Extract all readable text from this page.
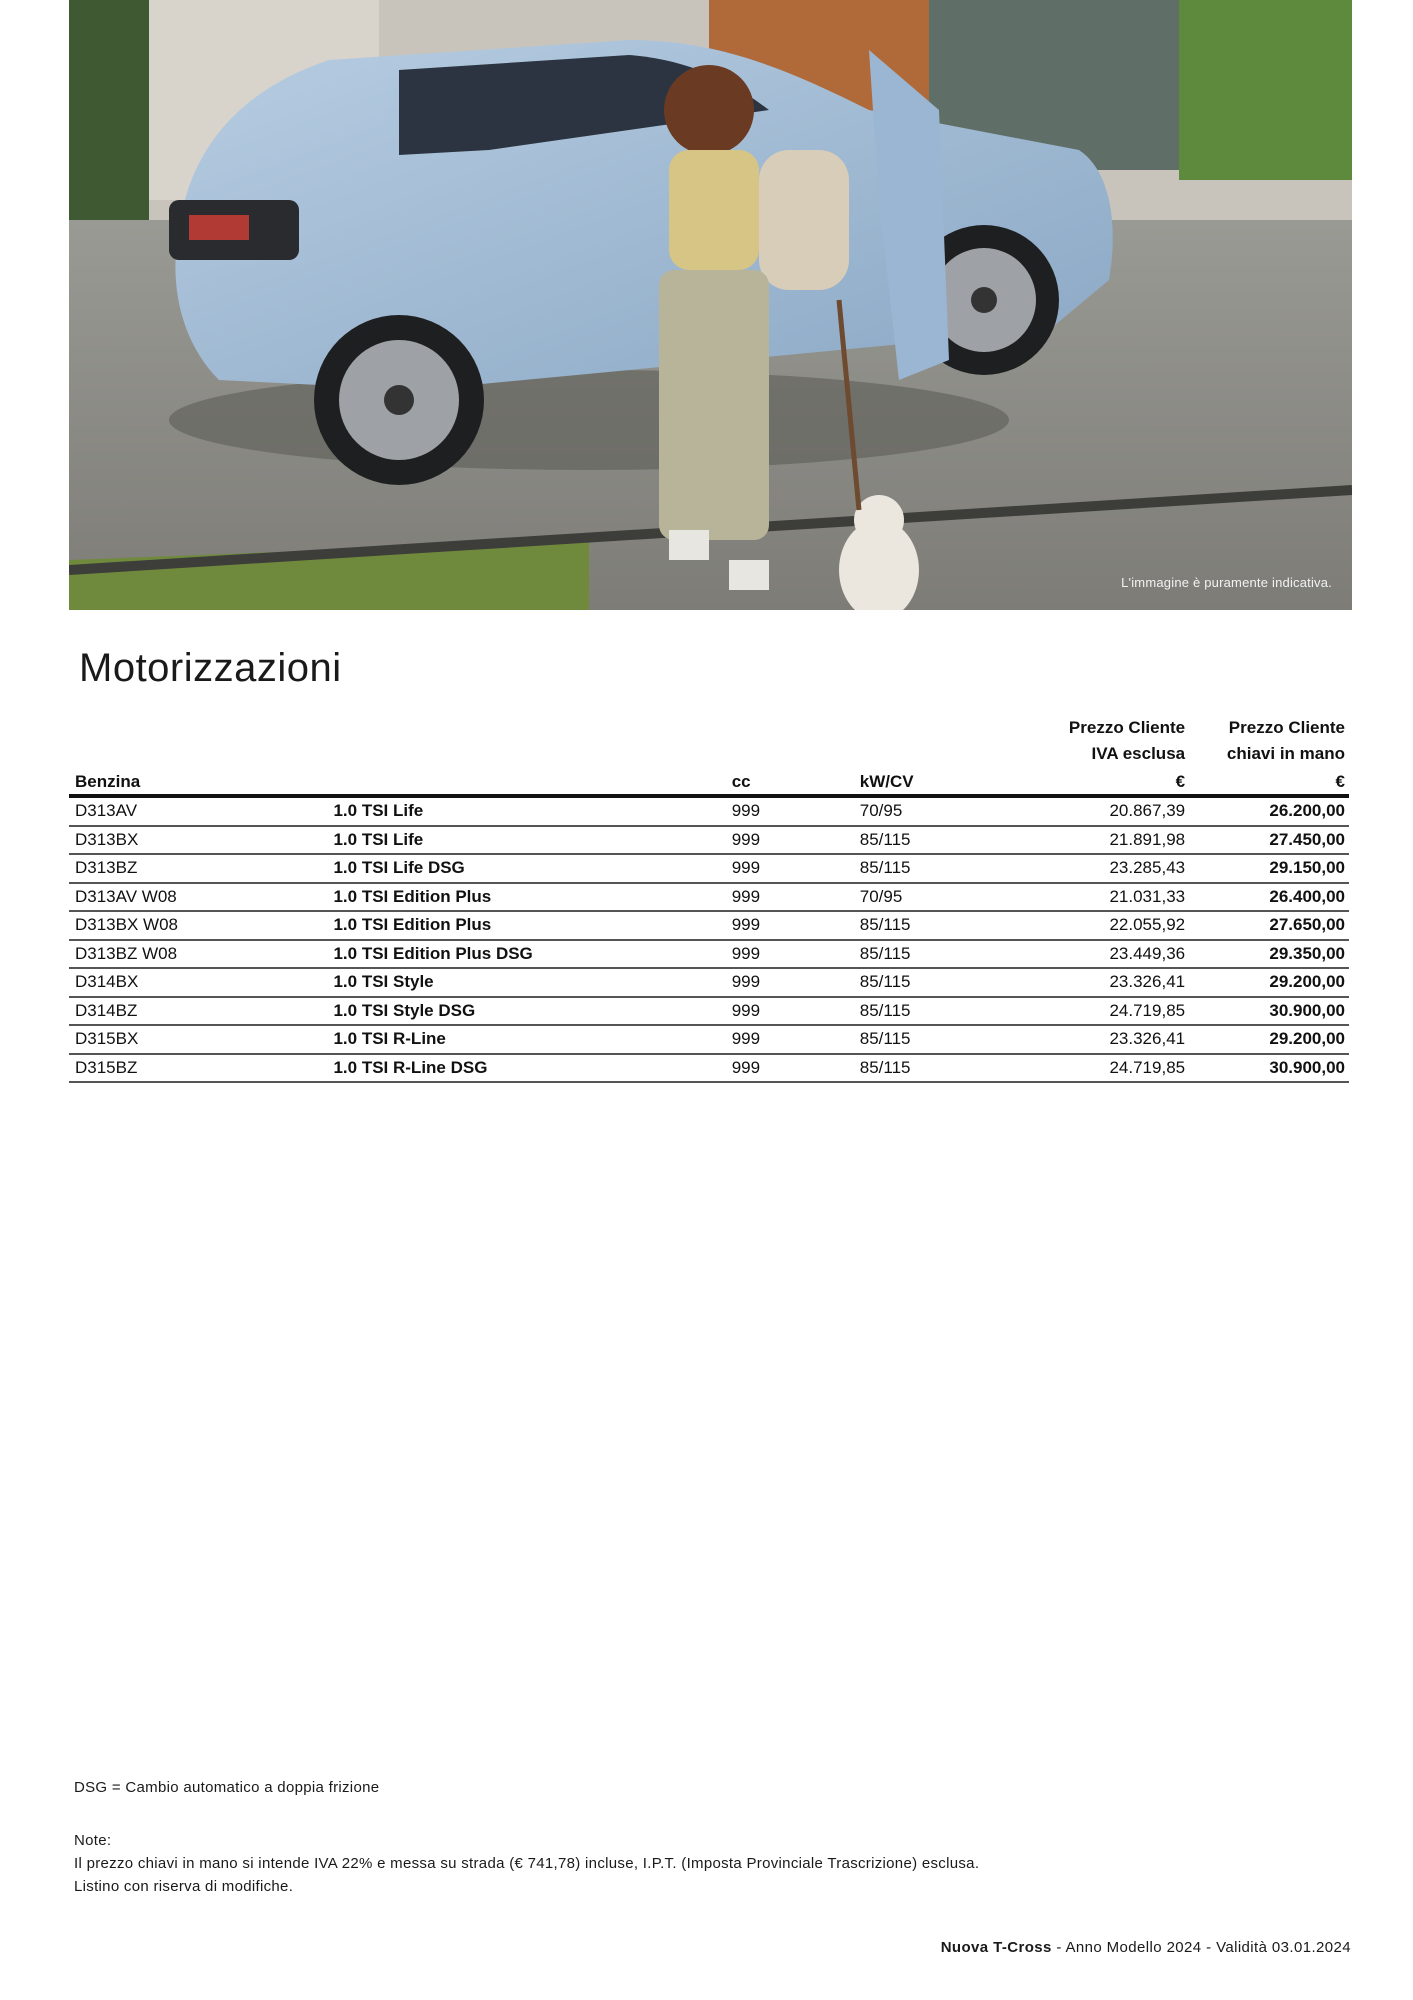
L'immagine è puramente indicativa.
Motorizzazioni
				Prezzo Cliente	Prezzo Cliente
				IVA esclusa	chiavi in mano
Benzina		cc	kW/CV	€	€
D313AV	1.0 TSI Life	999	70/95	20.867,39	26.200,00
D313BX	1.0 TSI Life	999	85/115	21.891,98	27.450,00
D313BZ	1.0 TSI Life DSG	999	85/115	23.285,43	29.150,00
D313AV W08	1.0 TSI Edition Plus	999	70/95	21.031,33	26.400,00
D313BX W08	1.0 TSI Edition Plus	999	85/115	22.055,92	27.650,00
D313BZ W08	1.0 TSI Edition Plus DSG	999	85/115	23.449,36	29.350,00
D314BX	1.0 TSI Style	999	85/115	23.326,41	29.200,00
D314BZ	1.0 TSI Style DSG	999	85/115	24.719,85	30.900,00
D315BX	1.0 TSI R-Line	999	85/115	23.326,41	29.200,00
D315BZ	1.0 TSI R-Line DSG	999	85/115	24.719,85	30.900,00

DSG = Cambio automatico a doppia frizione

Note:

Il prezzo chiavi in mano si intende IVA 22% e messa su strada (€ 741,78) incluse, I.P.T. (Imposta Provinciale Trascrizione) esclusa.

Listino con riserva di modifiche.

Nuova T-Cross - Anno Modello 2024 - Validità 03.01.2024
